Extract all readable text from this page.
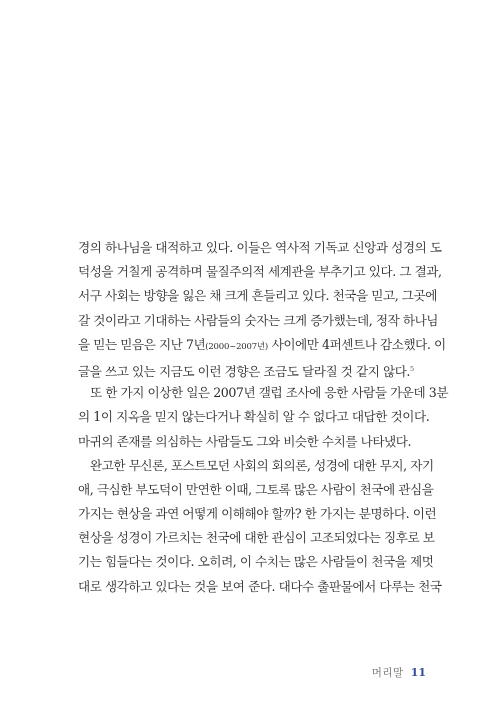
경의 하나님을 대적하고 있다. 이들은 역사적 기독교 신앙과 성경의 도
덕성을 거칠게 공격하며 물질주의적 세계관을 부추기고 있다. 그 결과,
서구 사회는 방향을 잃은 채 크게 흔들리고 있다. 천국을 믿고, 그곳에
갈 것이라고 기대하는 사람들의 숫자는 크게 증가했는데, 정작 하나님
을 믿는 믿음은 지난 7년(2000~2007년) 사이에만 4퍼센트나 감소했다. 이
글을 쓰고 있는 지금도 이런 경향은 조금도 달라질 것 같지 않다.$^5$
또 한 가지 이상한 일은 2007년 갤럽 조사에 응한 사람들 가운데 3분
의 1이 지옥을 믿지 않는다거나 확실히 알 수 없다고 대답한 것이다.
마귀의 존재를 의심하는 사람들도 그와 비슷한 수치를 나타냈다.
완고한 무신론, 포스트모던 사회의 회의론, 성경에 대한 무지, 자기
애, 극심한 부도덕이 만연한 이때, 그토록 많은 사람이 천국에 관심을
가지는 현상을 과연 어떻게 이해해야 할까? 한 가지는 분명하다. 이런
현상을 성경이 가르치는 천국에 대한 관심이 고조되었다는 징후로 보
기는 힘들다는 것이다. 오히려, 이 수치는 많은 사람들이 천국을 제멋
대로 생각하고 있다는 것을 보여 준다. 대다수 출판물에서 다루는 천국
머리말 11
